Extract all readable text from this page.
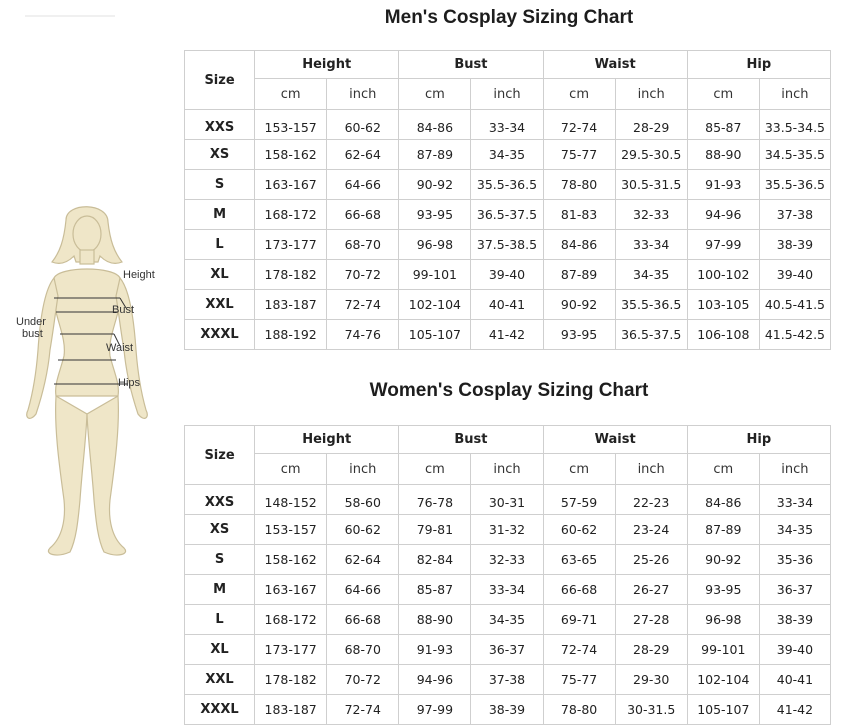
Men's Cosplay Sizing Chart
Size	Height		Bust		Waist		Hip	
	cm	inch	cm	inch	cm	inch	cm	inch
XXS	153-157	60-62	84-86	33-34	72-74	28-29	85-87	33.5-34.5
XS	158-162	62-64	87-89	34-35	75-77	29.5-30.5	88-90	34.5-35.5
S	163-167	64-66	90-92	35.5-36.5	78-80	30.5-31.5	91-93	35.5-36.5
M	168-172	66-68	93-95	36.5-37.5	81-83	32-33	94-96	37-38
L	173-177	68-70	96-98	37.5-38.5	84-86	33-34	97-99	38-39
XL	178-182	70-72	99-101	39-40	87-89	34-35	100-102	39-40
XXL	183-187	72-74	102-104	40-41	90-92	35.5-36.5	103-105	40.5-41.5
XXXL	188-192	74-76	105-107	41-42	93-95	36.5-37.5	106-108	41.5-42.5
Women's Cosplay Sizing Chart
Size	Height		Bust		Waist		Hip	
	cm	inch	cm	inch	cm	inch	cm	inch
XXS	148-152	58-60	76-78	30-31	57-59	22-23	84-86	33-34
XS	153-157	60-62	79-81	31-32	60-62	23-24	87-89	34-35
S	158-162	62-64	82-84	32-33	63-65	25-26	90-92	35-36
M	163-167	64-66	85-87	33-34	66-68	26-27	93-95	36-37
L	168-172	66-68	88-90	34-35	69-71	27-28	96-98	38-39
XL	173-177	68-70	91-93	36-37	72-74	28-29	99-101	39-40
XXL	178-182	70-72	94-96	37-38	75-77	29-30	102-104	40-41
XXXL	183-187	72-74	97-99	38-39	78-80	30-31.5	105-107	41-42
Height
Bust
Under
bust
Waist
Hips
